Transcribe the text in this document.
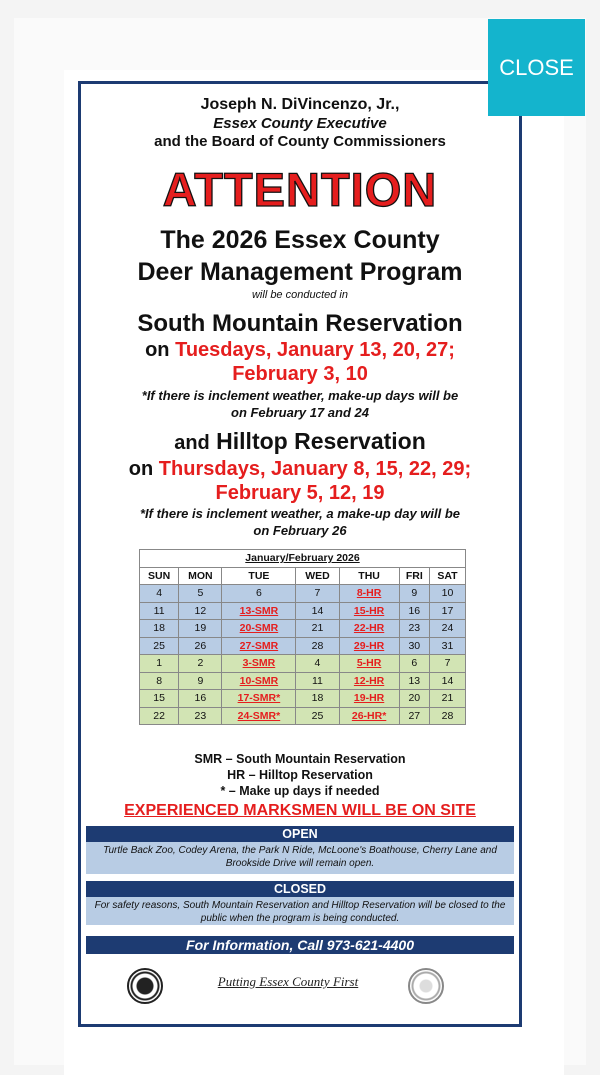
Joseph N. DiVincenzo, Jr.,
Essex County Executive
and the Board of County Commissioners
ATTENTION
The 2026 Essex County
Deer Management Program
will be conducted in
South Mountain Reservation
on Tuesdays, January 13, 20, 27;
February 3, 10
*If there is inclement weather, make-up days will be
on February 17 and 24
and Hilltop Reservation
on Thursdays, January 8, 15, 22, 29;
February 5, 12, 19
*If there is inclement weather, a make-up day will be
on February 26
January/February 2026						
SUN	MON	TUE	WED	THU	FRI	SAT
4	5	6	7	8-HR	9	10
11	12	13-SMR	14	15-HR	16	17
18	19	20-SMR	21	22-HR	23	24
25	26	27-SMR	28	29-HR	30	31
1	2	3-SMR	4	5-HR	6	7
8	9	10-SMR	11	12-HR	13	14
15	16	17-SMR*	18	19-HR	20	21
22	23	24-SMR*	25	26-HR*	27	28
SMR – South Mountain Reservation
HR – Hilltop Reservation
* – Make up days if needed
EXPERIENCED MARKSMEN WILL BE ON SITE
OPEN
Turtle Back Zoo, Codey Arena, the Park N Ride, McLoone's Boathouse, Cherry Lane and Brookside Drive will remain open.
CLOSED
For safety reasons, South Mountain Reservation and Hilltop Reservation will be closed to the public when the program is being conducted.
For Information, Call 973-621-4400
Putting Essex County First
CLOSE
